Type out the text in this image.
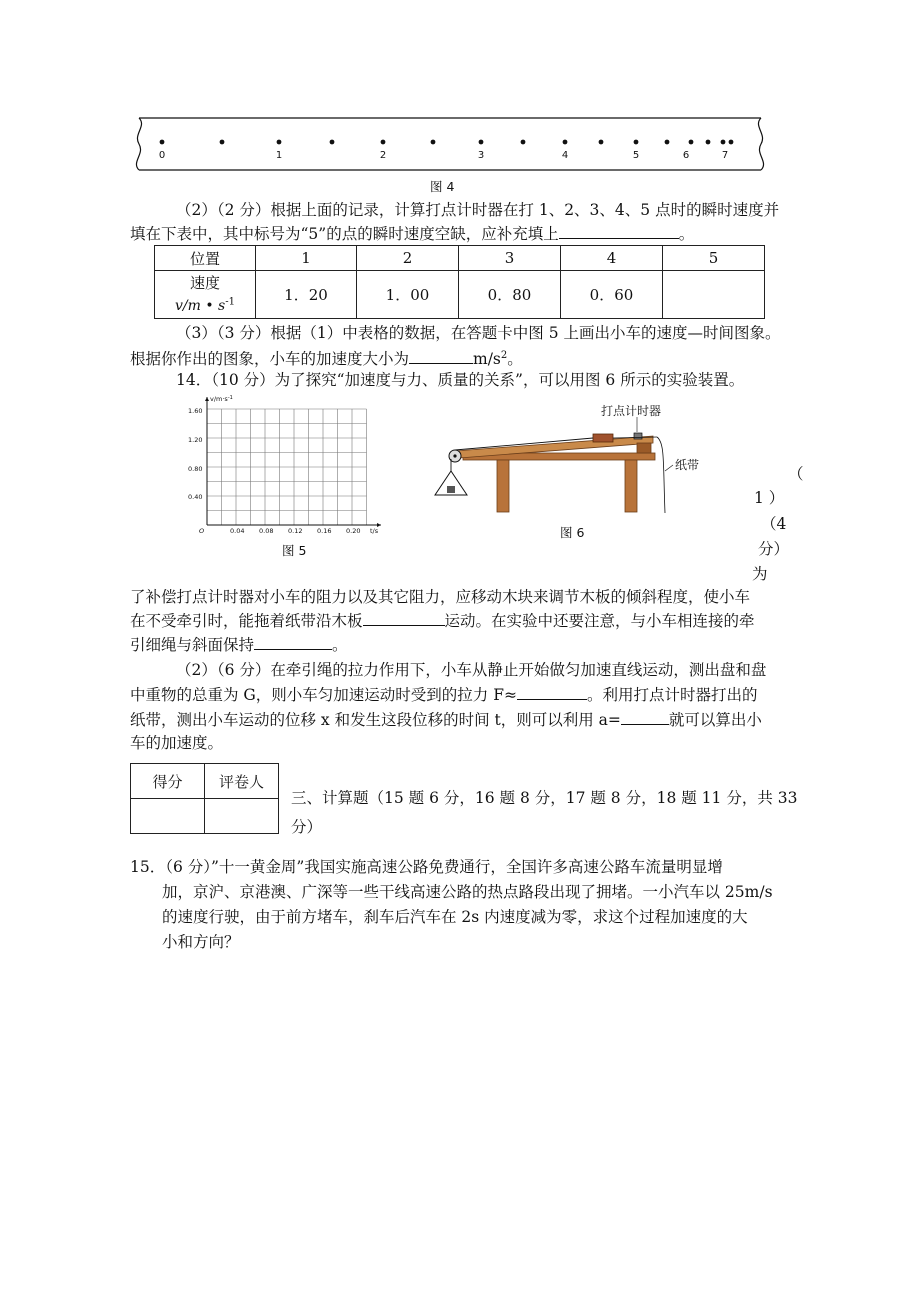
0	1	2	3	4	5	6	7
图 4
（2）（2 分）根据上面的记录，计算打点计时器在打 1、2、3、4、5 点时的瞬时速度并
填在下表中，其中标号为“5”的点的瞬时速度空缺，应补充填上	。
位置	1	2	3	4	5
速度
v/m • $s^{-1}$	1．20	1．00	0．80	0．60	
（3）（3 分）根据（1）中表格的数据，在答题卡中图 5 上画出小车的速度—时间图象。
根据你作出的图象，小车的加速度大小为	$m/s^2$。
14．（10 分）为了探究“加速度与力、质量的关系”，可以用图 6 所示的实验装置。
$v/m\cdot s^{-1}$
1.60
1.20
0.80
0.40
O	0.04 0.08 0.12 0.16 0.20 t/s
图 5
打点计时器
纸带
图 6
（
1 ）
（4
分）
为
了补偿打点计时器对小车的阻力以及其它阻力，应移动木块来调节木板的倾斜程度，使小车
在不受牵引时，能拖着纸带沿木板	运动。在实验中还要注意，与小车相连接的牵
引细绳与斜面保持	。
（2）（6 分）在牵引绳的拉力作用下，小车从静止开始做匀加速直线运动，测出盘和盘
中重物的总重为 G，则小车匀加速运动时受到的拉力 F≈	。利用打点计时器打出的
纸带，测出小车运动的位移 x 和发生这段位移的时间 t，则可以利用 a=	就可以算出小
车的加速度。
得分	评卷人

三、计算题（15 题 6 分，16 题 8 分，17 题 8 分，18 题 11 分，共 33
分）
15．（6 分）”十一黄金周”我国实施高速公路免费通行，全国许多高速公路车流量明显增
加，京沪、京港澳、广深等一些干线高速公路的热点路段出现了拥堵。一小汽车以 25m/s
的速度行驶，由于前方堵车，刹车后汽车在 2s 内速度减为零，求这个过程加速度的大
小和方向？
